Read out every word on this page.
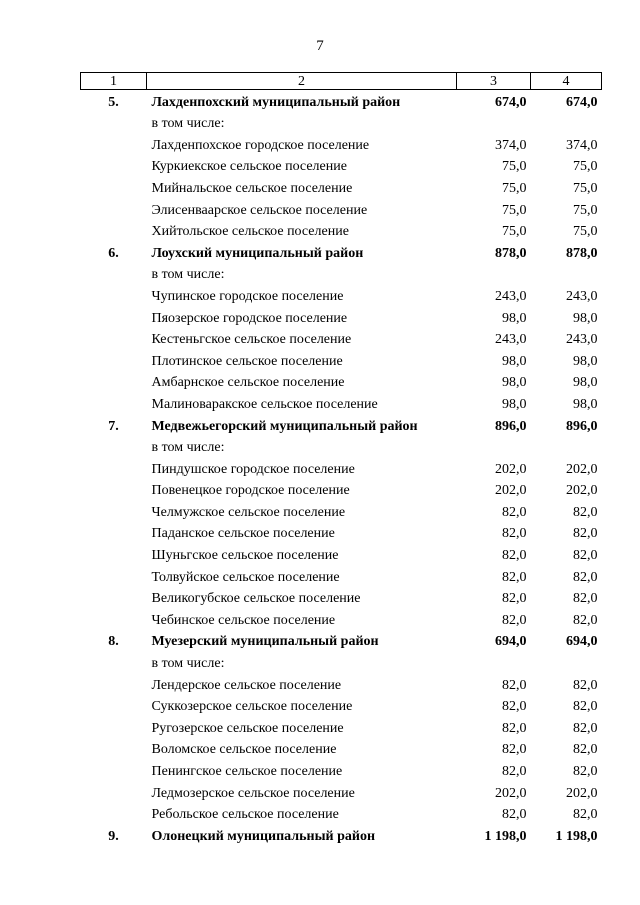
7
1	2	3	4
5.	Лахденпохский муниципальный район	674,0	674,0
	в том числе:		
	Лахденпохское городское поселение	374,0	374,0
	Куркиекское сельское поселение	75,0	75,0
	Мийнальское сельское поселение	75,0	75,0
	Элисенваарское сельское поселение	75,0	75,0
	Хийтольское сельское поселение	75,0	75,0
6.	Лоухский муниципальный район	878,0	878,0
	в том числе:		
	Чупинское городское поселение	243,0	243,0
	Пяозерское городское поселение	98,0	98,0
	Кестеньгское сельское поселение	243,0	243,0
	Плотинское сельское поселение	98,0	98,0
	Амбарнское сельское поселение	98,0	98,0
	Малиноваракское сельское поселение	98,0	98,0
7.	Медвежьегорский муниципальный район	896,0	896,0
	в том числе:		
	Пиндушское городское поселение	202,0	202,0
	Повенецкое городское поселение	202,0	202,0
	Челмужское сельское поселение	82,0	82,0
	Паданское сельское поселение	82,0	82,0
	Шуньгское сельское поселение	82,0	82,0
	Толвуйское сельское поселение	82,0	82,0
	Великогубское сельское поселение	82,0	82,0
	Чебинское сельское поселение	82,0	82,0
8.	Муезерский муниципальный район	694,0	694,0
	в том числе:		
	Лендерское сельское поселение	82,0	82,0
	Суккозерское сельское поселение	82,0	82,0
	Ругозерское сельское поселение	82,0	82,0
	Воломское сельское поселение	82,0	82,0
	Пенингское сельское поселение	82,0	82,0
	Ледмозерское сельское поселение	202,0	202,0
	Ребольское сельское поселение	82,0	82,0
9.	Олонецкий муниципальный район	1 198,0	1 198,0
